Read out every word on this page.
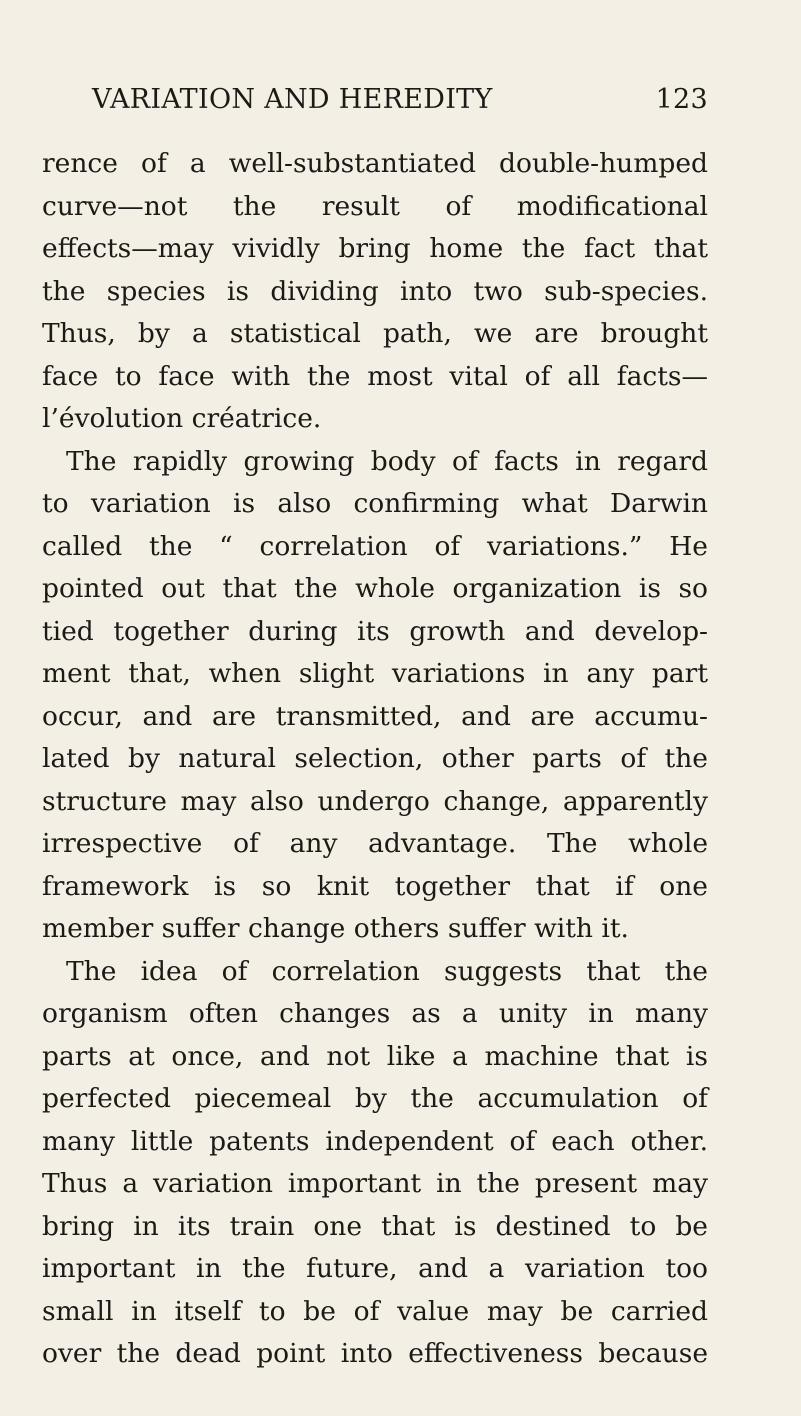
VARIATION AND HEREDITY	123
rence of a well-substantiated double-humped
curve—not the result of modificational
effects—may vividly bring home the fact that
the species is dividing into two sub-species.
Thus, by a statistical path, we are brought
face to face with the most vital of all facts—
l’évolution créatrice.
The rapidly growing body of facts in regard
to variation is also confirming what Darwin
called the “ correlation of variations.” He
pointed out that the whole organization is so
tied together during its growth and develop-
ment that, when slight variations in any part
occur, and are transmitted, and are accumu-
lated by natural selection, other parts of the
structure may also undergo change, apparently
irrespective of any advantage. The whole
framework is so knit together that if one
member suffer change others suffer with it.
The idea of correlation suggests that the
organism often changes as a unity in many
parts at once, and not like a machine that is
perfected piecemeal by the accumulation of
many little patents independent of each other.
Thus a variation important in the present may
bring in its train one that is destined to be
important in the future, and a variation too
small in itself to be of value may be carried
over the dead point into effectiveness because
